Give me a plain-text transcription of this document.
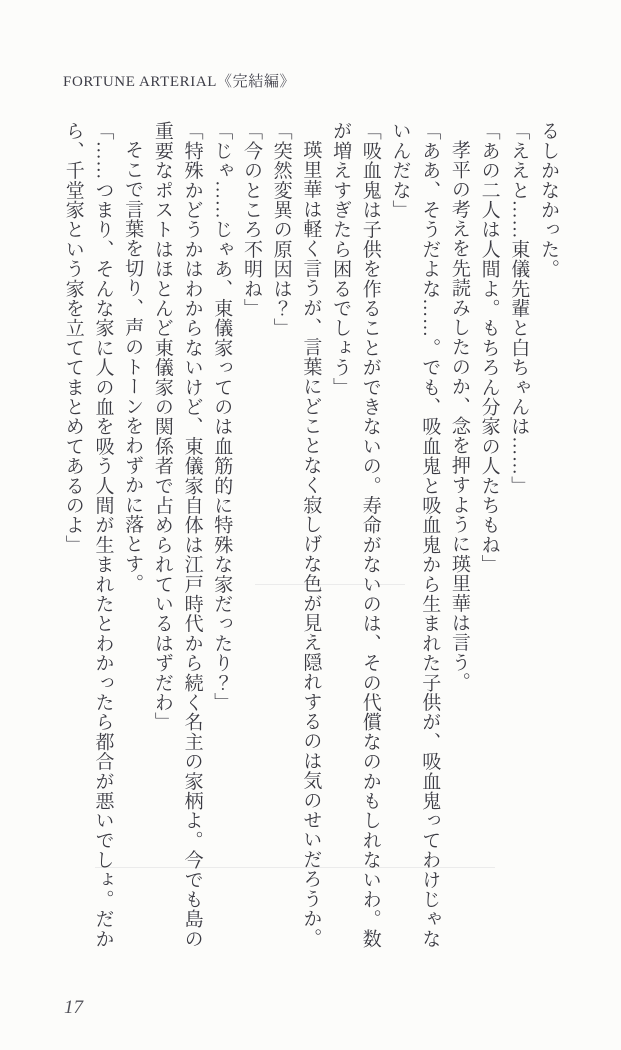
FORTUNE ARTERIAL《完結編》
るしかなかった。
「ええと……東儀先輩と白ちゃんは……」
「あの二人は人間よ。もちろん分家の人たちもね」
孝平の考えを先読みしたのか、念を押すように瑛里華は言う。
「ああ、そうだよな……。でも、吸血鬼と吸血鬼から生まれた子供が、吸血鬼ってわけじゃな
いんだな」
「吸血鬼は子供を作ることができないの。寿命がないのは、その代償なのかもしれないわ。数
が増えすぎたら困るでしょう」
瑛里華は軽く言うが、言葉にどことなく寂しげな色が見え隠れするのは気のせいだろうか。
「突然変異の原因は？」
「今のところ不明ね」
「じゃ……じゃあ、東儀家ってのは血筋的に特殊な家だったり？」
「特殊かどうかはわからないけど、東儀家自体は江戸時代から続く名主の家柄よ。今でも島の
重要なポストはほとんど東儀家の関係者で占められているはずだわ」
そこで言葉を切り、声のトーンをわずかに落とす。
「……つまり、そんな家に人の血を吸う人間が生まれたとわかったら都合が悪いでしょ。だか
ら、千堂家という家を立ててまとめてあるのよ」
17
